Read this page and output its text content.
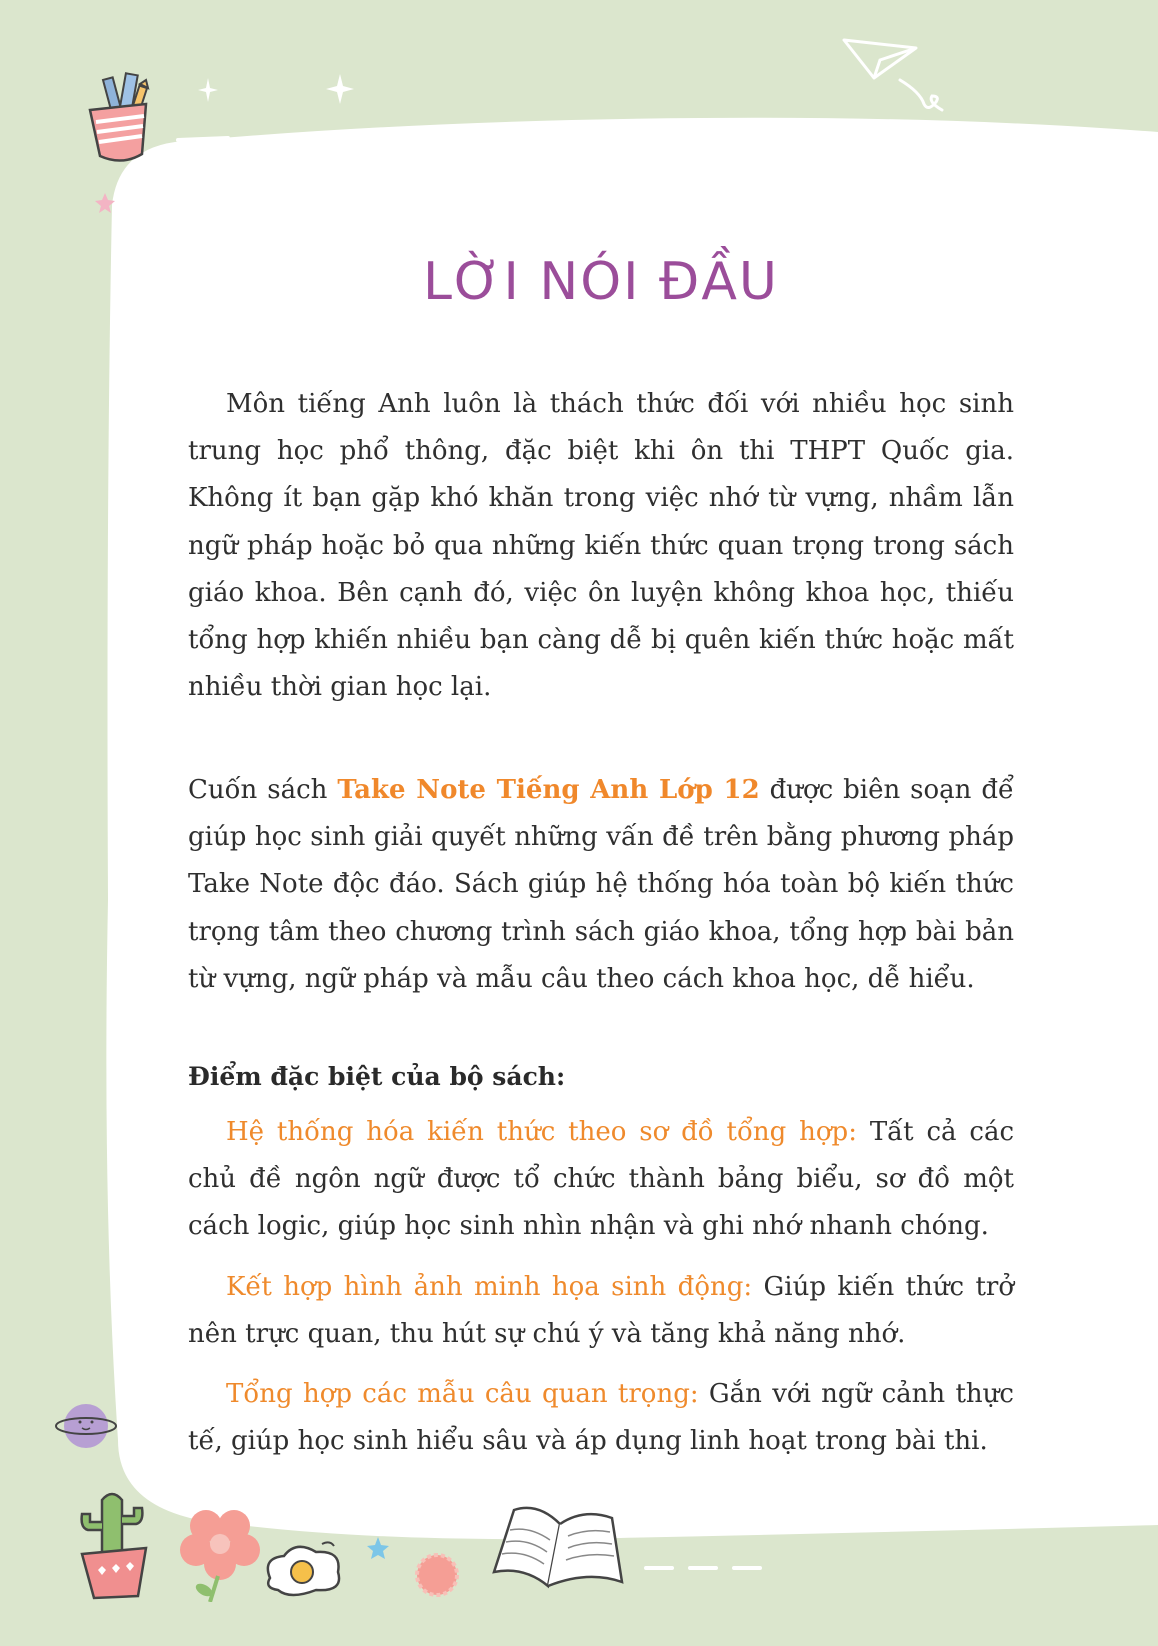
LỜI NÓI ĐẦU

Môn tiếng Anh luôn là thách thức đối với nhiều học sinh trung học phổ thông, đặc biệt khi ôn thi THPT Quốc gia. Không ít bạn gặp khó khăn trong việc nhớ từ vựng, nhầm lẫn ngữ pháp hoặc bỏ qua những kiến thức quan trọng trong sách giáo khoa. Bên cạnh đó, việc ôn luyện không khoa học, thiếu tổng hợp khiến nhiều bạn càng dễ bị quên kiến thức hoặc mất nhiều thời gian học lại.

Cuốn sách Take Note Tiếng Anh Lớp 12 được biên soạn để giúp học sinh giải quyết những vấn đề trên bằng phương pháp Take Note độc đáo. Sách giúp hệ thống hóa toàn bộ kiến thức trọng tâm theo chương trình sách giáo khoa, tổng hợp bài bản từ vựng, ngữ pháp và mẫu câu theo cách khoa học, dễ hiểu.

Điểm đặc biệt của bộ sách:

Hệ thống hóa kiến thức theo sơ đồ tổng hợp: Tất cả các chủ đề ngôn ngữ được tổ chức thành bảng biểu, sơ đồ một cách logic, giúp học sinh nhìn nhận và ghi nhớ nhanh chóng.

Kết hợp hình ảnh minh họa sinh động: Giúp kiến thức trở nên trực quan, thu hút sự chú ý và tăng khả năng nhớ.

Tổng hợp các mẫu câu quan trọng: Gắn với ngữ cảnh thực tế, giúp học sinh hiểu sâu và áp dụng linh hoạt trong bài thi.
